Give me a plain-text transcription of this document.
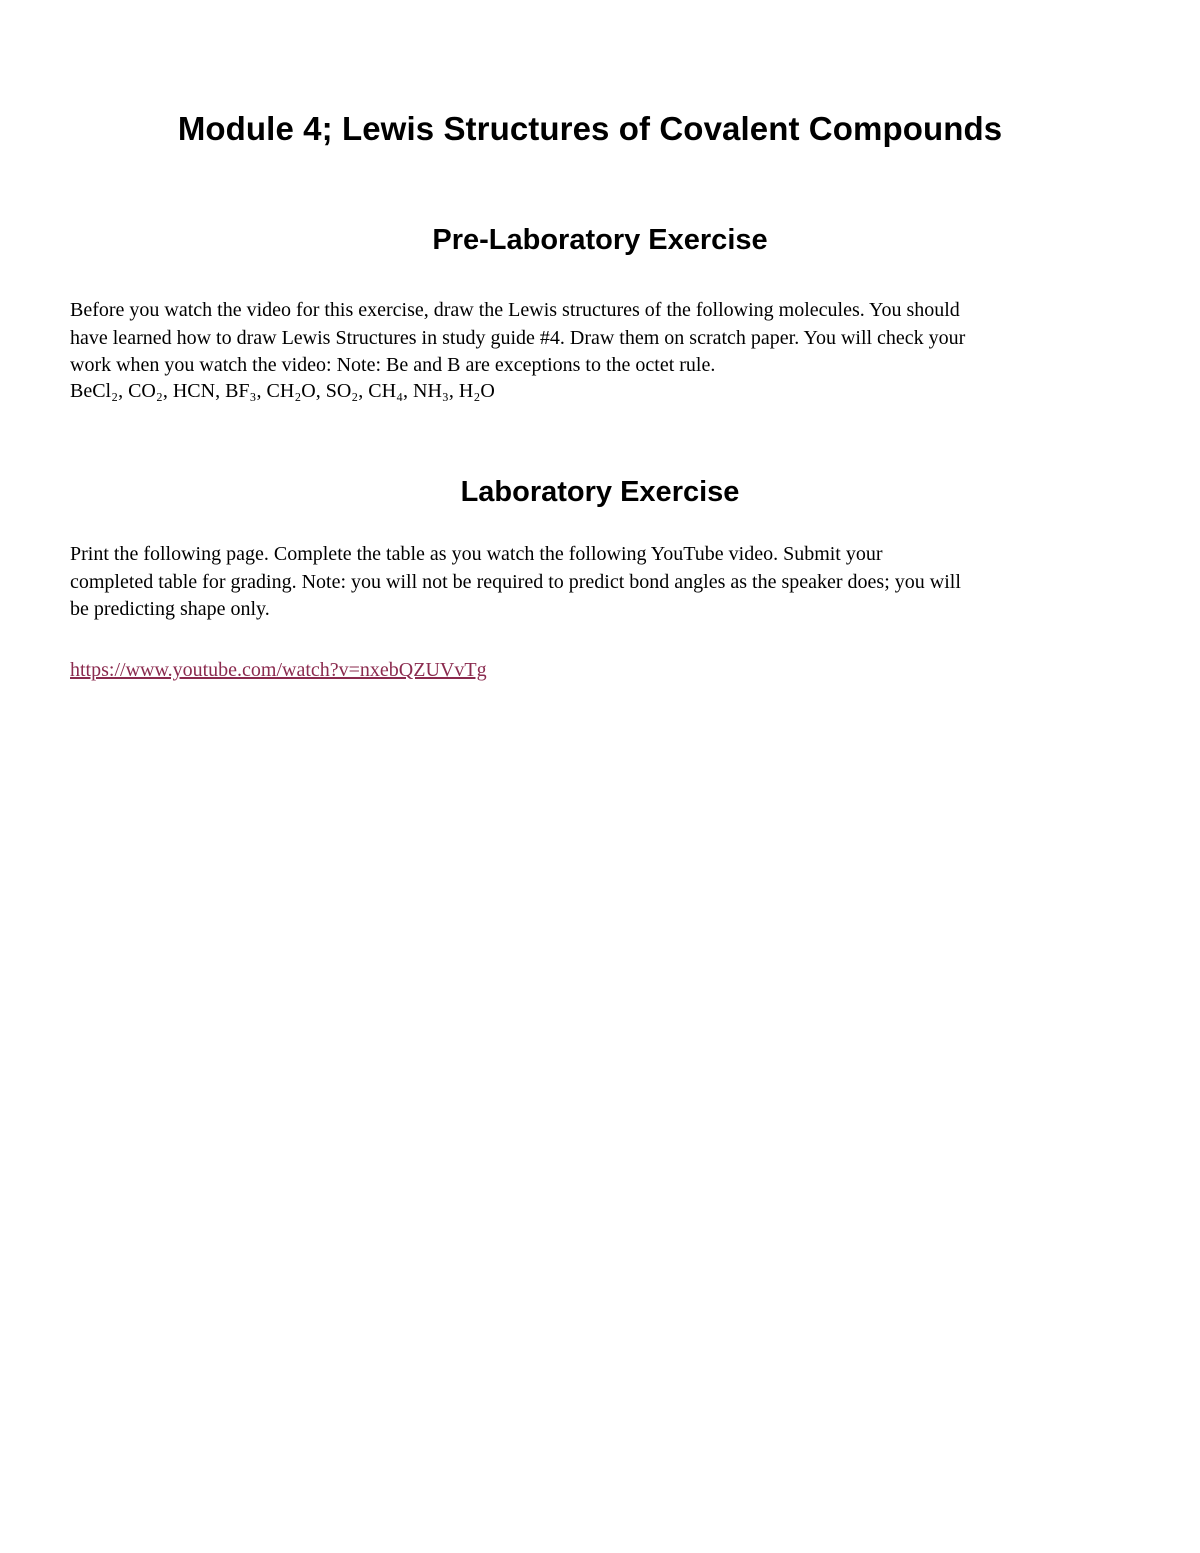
Module 4; Lewis Structures of Covalent Compounds
Pre-Laboratory Exercise

Before you watch the video for this exercise, draw the Lewis structures of the following molecules. You should
have learned how to draw Lewis Structures in study guide #4. Draw them on scratch paper. You will check your
work when you watch the video: Note: Be and B are exceptions to the octet rule.

BeCl₂, CO₂, HCN, BF₃, CH₂O, SO₂, CH₄, NH₃, H₂O

Laboratory Exercise

Print the following page. Complete the table as you watch the following YouTube video. Submit your
completed table for grading. Note: you will not be required to predict bond angles as the speaker does; you will
be predicting shape only.

https://www.youtube.com/watch?v=nxebQZUVvTg
